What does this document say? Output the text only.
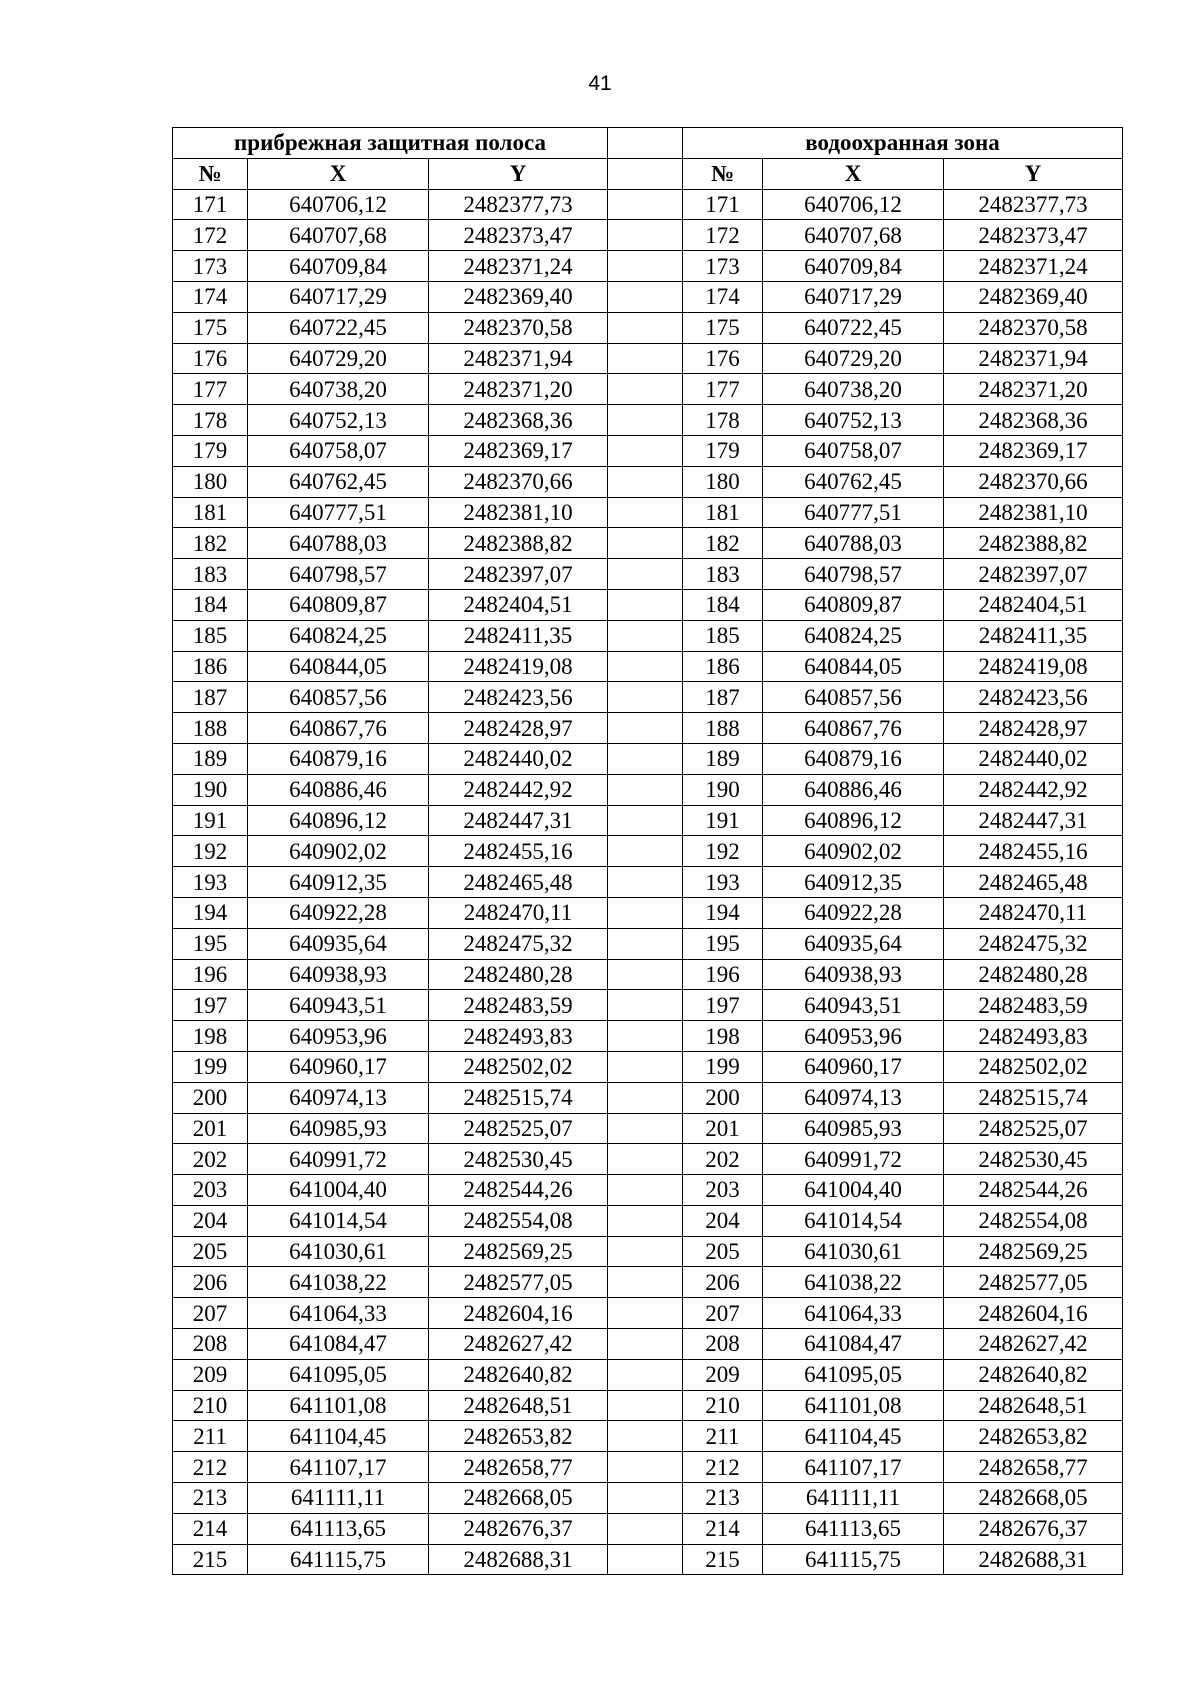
41
прибрежная защитная полоса				водоохранная зона		
№	X	Y		№	X	Y
171	640706,12	2482377,73		171	640706,12	2482377,73
172	640707,68	2482373,47		172	640707,68	2482373,47
173	640709,84	2482371,24		173	640709,84	2482371,24
174	640717,29	2482369,40		174	640717,29	2482369,40
175	640722,45	2482370,58		175	640722,45	2482370,58
176	640729,20	2482371,94		176	640729,20	2482371,94
177	640738,20	2482371,20		177	640738,20	2482371,20
178	640752,13	2482368,36		178	640752,13	2482368,36
179	640758,07	2482369,17		179	640758,07	2482369,17
180	640762,45	2482370,66		180	640762,45	2482370,66
181	640777,51	2482381,10		181	640777,51	2482381,10
182	640788,03	2482388,82		182	640788,03	2482388,82
183	640798,57	2482397,07		183	640798,57	2482397,07
184	640809,87	2482404,51		184	640809,87	2482404,51
185	640824,25	2482411,35		185	640824,25	2482411,35
186	640844,05	2482419,08		186	640844,05	2482419,08
187	640857,56	2482423,56		187	640857,56	2482423,56
188	640867,76	2482428,97		188	640867,76	2482428,97
189	640879,16	2482440,02		189	640879,16	2482440,02
190	640886,46	2482442,92		190	640886,46	2482442,92
191	640896,12	2482447,31		191	640896,12	2482447,31
192	640902,02	2482455,16		192	640902,02	2482455,16
193	640912,35	2482465,48		193	640912,35	2482465,48
194	640922,28	2482470,11		194	640922,28	2482470,11
195	640935,64	2482475,32		195	640935,64	2482475,32
196	640938,93	2482480,28		196	640938,93	2482480,28
197	640943,51	2482483,59		197	640943,51	2482483,59
198	640953,96	2482493,83		198	640953,96	2482493,83
199	640960,17	2482502,02		199	640960,17	2482502,02
200	640974,13	2482515,74		200	640974,13	2482515,74
201	640985,93	2482525,07		201	640985,93	2482525,07
202	640991,72	2482530,45		202	640991,72	2482530,45
203	641004,40	2482544,26		203	641004,40	2482544,26
204	641014,54	2482554,08		204	641014,54	2482554,08
205	641030,61	2482569,25		205	641030,61	2482569,25
206	641038,22	2482577,05		206	641038,22	2482577,05
207	641064,33	2482604,16		207	641064,33	2482604,16
208	641084,47	2482627,42		208	641084,47	2482627,42
209	641095,05	2482640,82		209	641095,05	2482640,82
210	641101,08	2482648,51		210	641101,08	2482648,51
211	641104,45	2482653,82		211	641104,45	2482653,82
212	641107,17	2482658,77		212	641107,17	2482658,77
213	641111,11	2482668,05		213	641111,11	2482668,05
214	641113,65	2482676,37		214	641113,65	2482676,37
215	641115,75	2482688,31		215	641115,75	2482688,31
